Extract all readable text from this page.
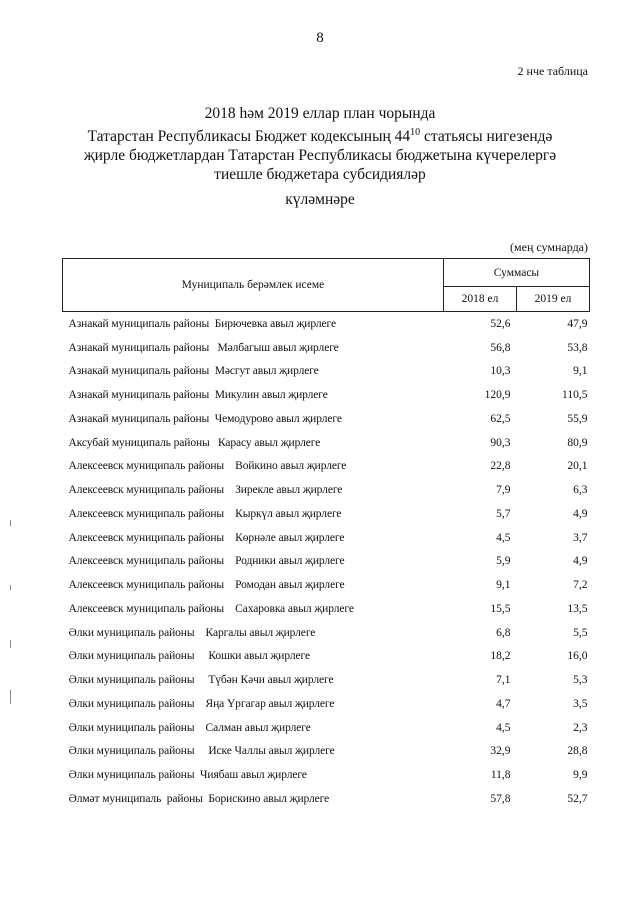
8
2 нче таблица
2018 һәм 2019 еллар план чорында
Татарстан Республикасы Бюджет кодексының $44^{10}$ статьясы нигезендә
җирле бюджетлардан Татарстан Республикасы бюджетына күчерелергә
тиешле бюджетара субсидияләр
күләмнәре
(мең сумнарда)
Муниципаль берәмлек исеме	Суммасы	
	2018 ел	2019 ел
Азнакай муниципаль районы  Бирючевка авыл җирлеге	52,6	47,9
Азнакай муниципаль районы   Мәлбагыш авыл җирлеге	56,8	53,8
Азнакай муниципаль районы  Мәсгут авыл җирлеге	10,3	9,1
Азнакай муниципаль районы  Микулин авыл җирлеге	120,9	110,5
Азнакай муниципаль районы  Чемодурово авыл җирлеге	62,5	55,9
Аксубай муниципаль районы   Карасу авыл җирлеге	90,3	80,9
Алексеевск муниципаль районы    Войкино авыл җирлеге	22,8	20,1
Алексеевск муниципаль районы    Зирекле авыл җирлеге	7,9	6,3
Алексеевск муниципаль районы    Кыркүл авыл җирлеге	5,7	4,9
Алексеевск муниципаль районы    Көрнәле авыл җирлеге	4,5	3,7
Алексеевск муниципаль районы    Родники авыл җирлеге	5,9	4,9
Алексеевск муниципаль районы    Ромодан авыл җирлеге	9,1	7,2
Алексеевск муниципаль районы    Сахаровка авыл җирлеге	15,5	13,5
Әлки муниципаль районы    Каргалы авыл җирлеге	6,8	5,5
Әлки муниципаль районы     Кошки авыл җирлеге	18,2	16,0
Әлки муниципаль районы     Түбән Кәчи авыл җирлеге	7,1	5,3
Әлки муниципаль районы    Яңа Үргагар авыл җирлеге	4,7	3,5
Әлки муниципаль районы    Салман авыл җирлеге	4,5	2,3
Әлки муниципаль районы     Иске Чаллы авыл җирлеге	32,9	28,8
Әлки муниципаль районы  Чиябаш авыл җирлеге	11,8	9,9
Әлмәт муниципаль  районы  Борискино авыл җирлеге	57,8	52,7
